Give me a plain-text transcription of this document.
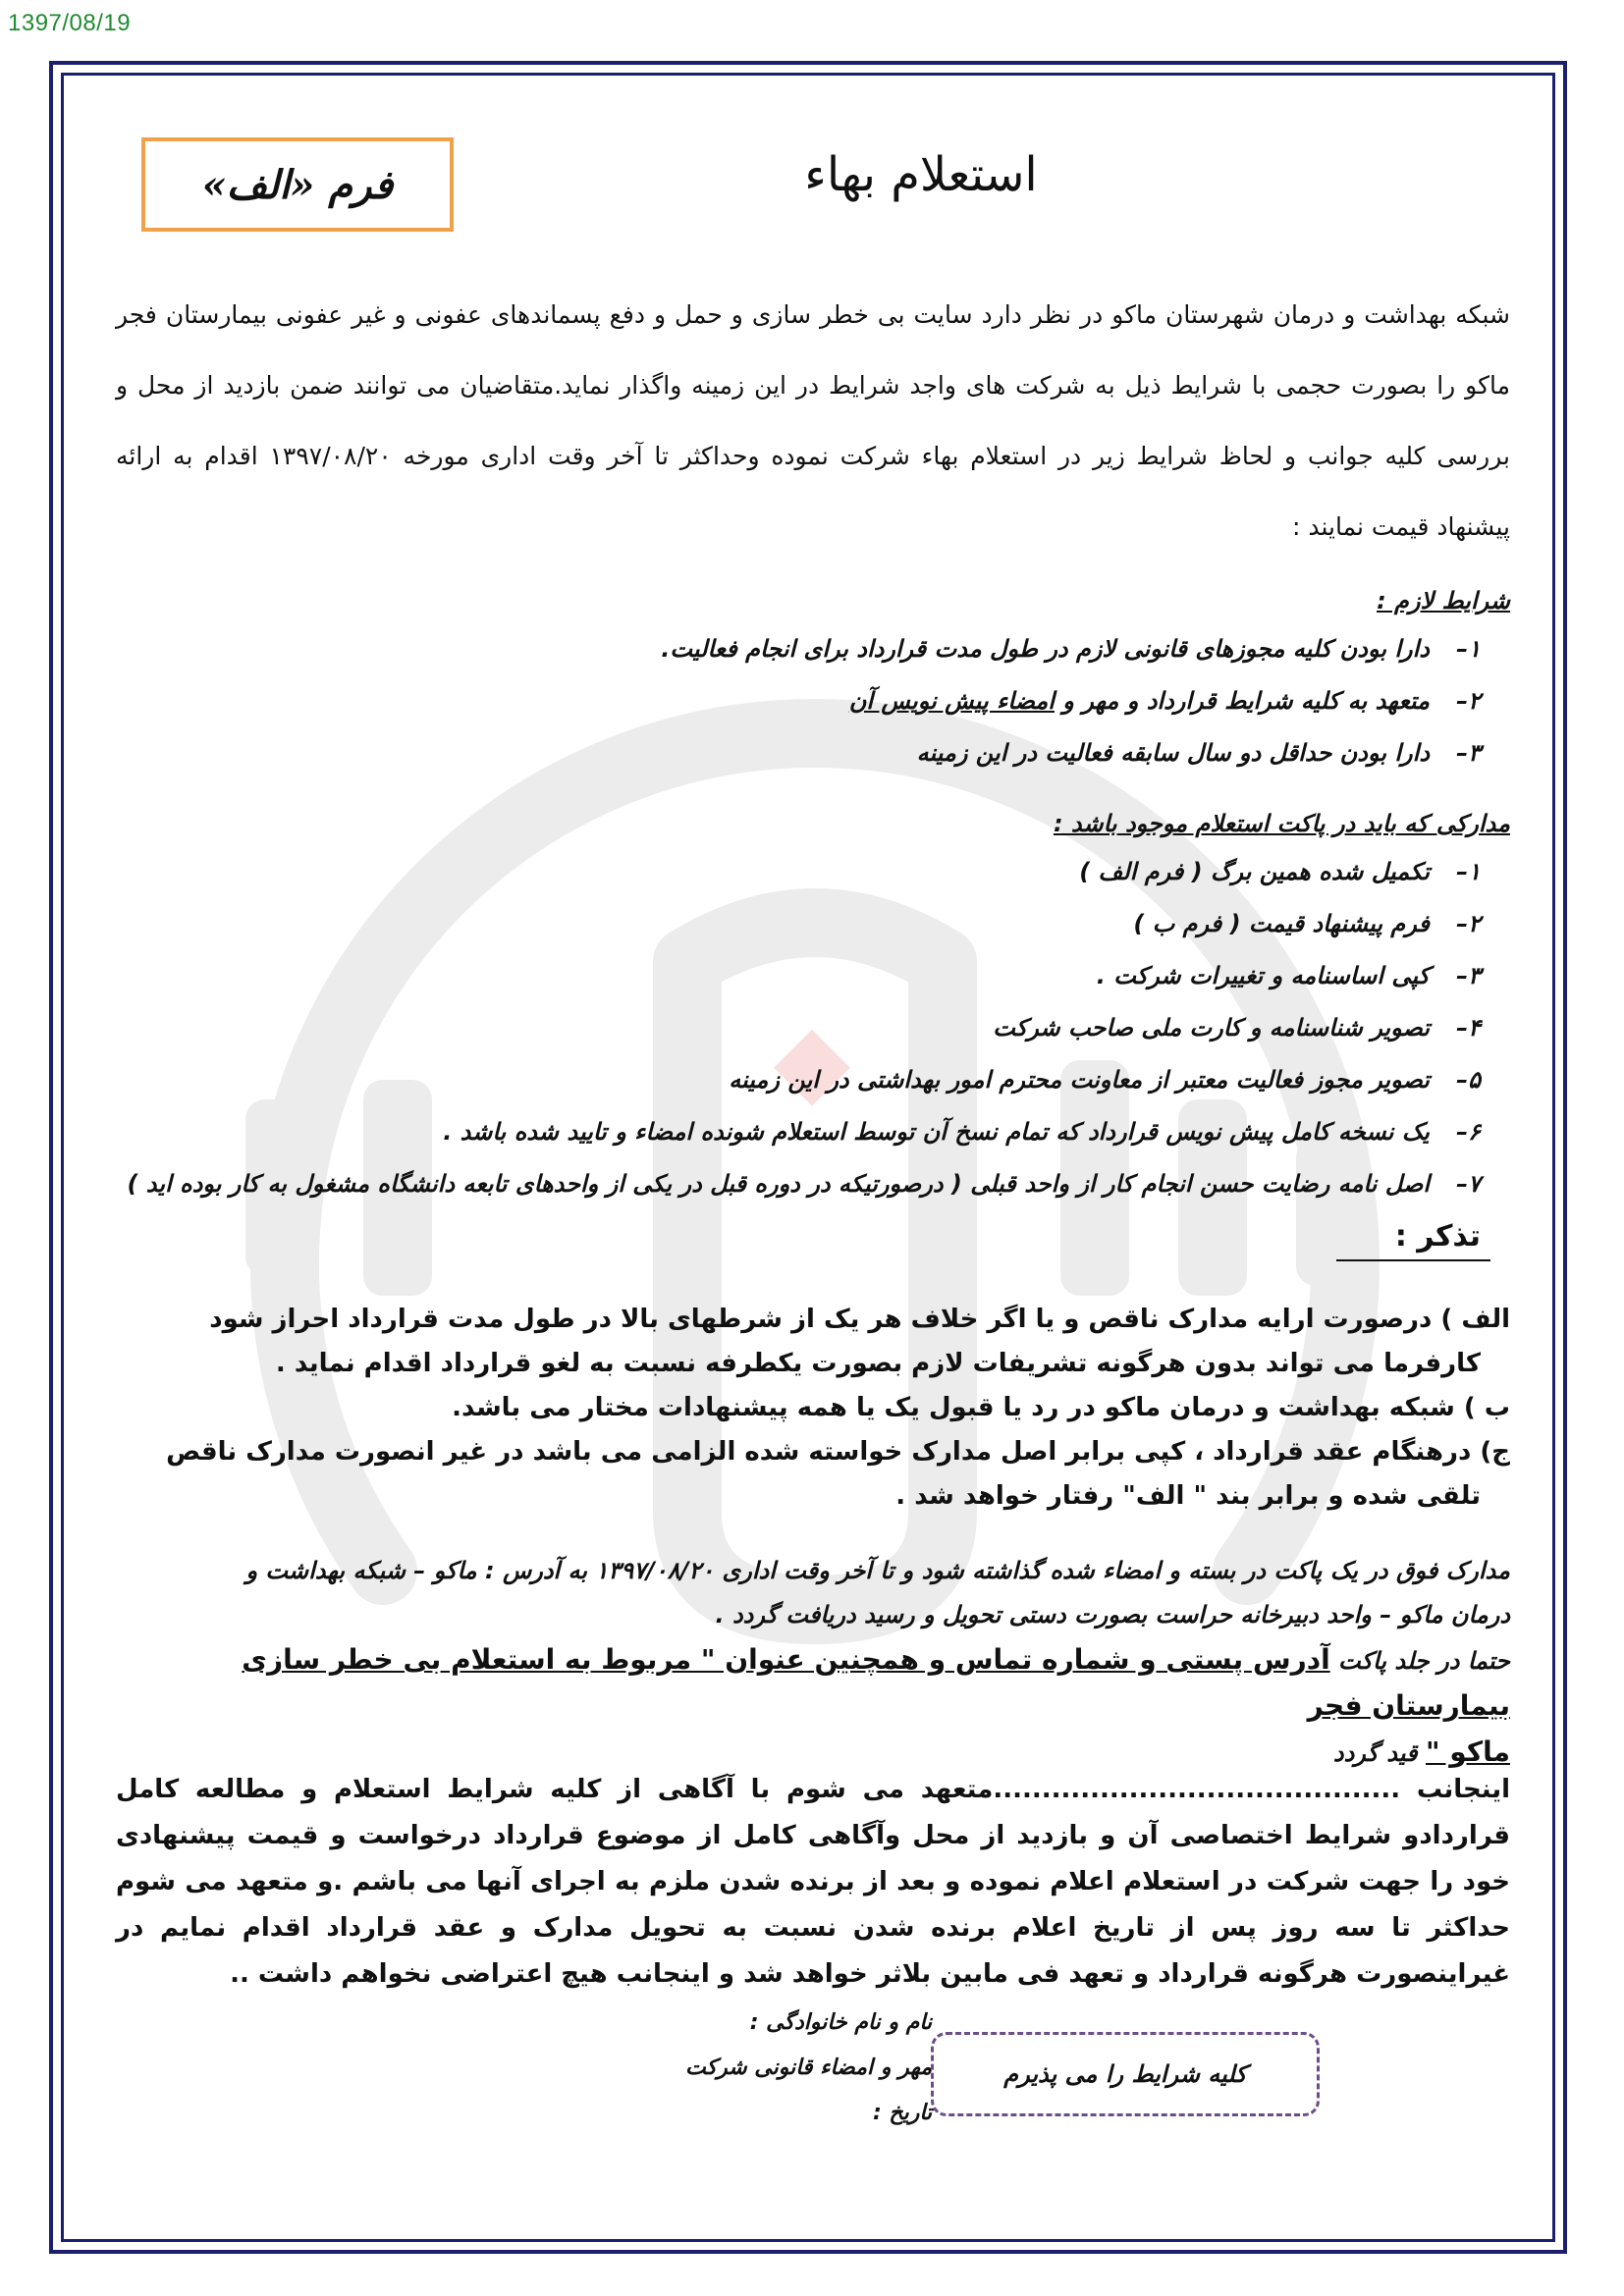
1397/08/19
فرم «الف»	استعلام بهاء
شبکه بهداشت و درمان شهرستان ماکو در نظر دارد سایت بی خطر سازی و حمل و دفع پسماندهای عفونی و غیر عفونی بیمارستان فجر ماکو را بصورت حجمی با شرایط ذیل به شرکت های واجد شرایط در این زمینه واگذار نماید.متقاضیان می توانند ضمن بازدید از محل و بررسی کلیه جوانب و لحاظ شرایط زیر در استعلام بهاء شرکت نموده وحداکثر تا آخر وقت اداری مورخه ۱۳۹۷/۰۸/۲۰ اقدام به ارائه پیشنهاد قیمت نمایند :
شرایط لازم :
۱–دارا بودن کلیه مجوزهای قانونی لازم در طول مدت قرارداد برای انجام فعالیت.
۲–متعهد به کلیه شرایط قرارداد و مهر و امضاء پیش نویس آن
۳–دارا بودن حداقل دو سال سابقه فعالیت در این زمینه
مدارکی که باید در پاکت استعلام موجود باشد :
۱–تکمیل شده همین برگ ( فرم الف )
۲–فرم پیشنهاد قیمت ( فرم ب )
۳–کپی اساسنامه و تغییرات شرکت .
۴–تصویر شناسنامه و کارت ملی صاحب شرکت
۵–تصویر مجوز فعالیت معتبر از معاونت محترم امور بهداشتی در این زمینه
۶–یک نسخه کامل پیش نویس قرارداد که تمام نسخ آن توسط استعلام شونده امضاء و تایید شده باشد .
۷–اصل نامه رضایت حسن انجام کار از واحد قبلی ( درصورتیکه در دوره قبل در یکی از واحدهای تابعه دانشگاه مشغول به کار بوده اید )
تذکر :
الف ) درصورت ارایه مدارک ناقص و یا اگر خلاف هر یک از شرطهای بالا در طول مدت قرارداد احراز شود
کارفرما می تواند بدون هرگونه تشریفات لازم بصورت یکطرفه نسبت به لغو قرارداد اقدام نماید .
ب ) شبکه بهداشت و درمان ماکو در رد یا قبول یک یا همه پیشنهادات مختار می باشد.
ج) درهنگام عقد قرارداد ، کپی برابر اصل مدارک خواسته شده الزامی می باشد در غیر انصورت مدارک ناقص
تلقی شده و برابر بند " الف" رفتار خواهد شد .
مدارک فوق در یک پاکت در بسته و امضاء شده گذاشته شود و تا آخر وقت اداری ۱۳۹۷/۰۸/۲۰ به آدرس : ماکو – شبکه بهداشت و
درمان ماکو – واحد دبیرخانه حراست بصورت دستی تحویل و رسید دریافت گردد .
حتما در جلد پاکت آدرس پستی و شماره تماس و همچنین عنوان " مربوط به استعلام بی خطر سازی بیمارستان فجر
ماکو " قید گردد
اینجانب ..........................................متعهد می شوم با آگاهی از کلیه شرایط استعلام و مطالعه کامل قراردادو شرایط اختصاصی آن و بازدید از محل وآگاهی کامل از موضوع قرارداد درخواست و قیمت پیشنهادی خود را جهت شرکت در استعلام اعلام نموده و بعد از برنده شدن ملزم به اجرای آنها می باشم .و متعهد می شوم حداکثر تا سه روز پس از تاریخ اعلام برنده شدن نسبت به تحویل مدارک و عقد قرارداد اقدام نمایم در غیراینصورت هرگونه قرارداد و تعهد فی مابین بلاثر خواهد شد و اینجانب هیچ اعتراضی نخواهم داشت ..
نام و نام خانوادگی :
مهر و امضاء قانونی شرکت
تاریخ :
کلیه شرایط را می پذیرم
